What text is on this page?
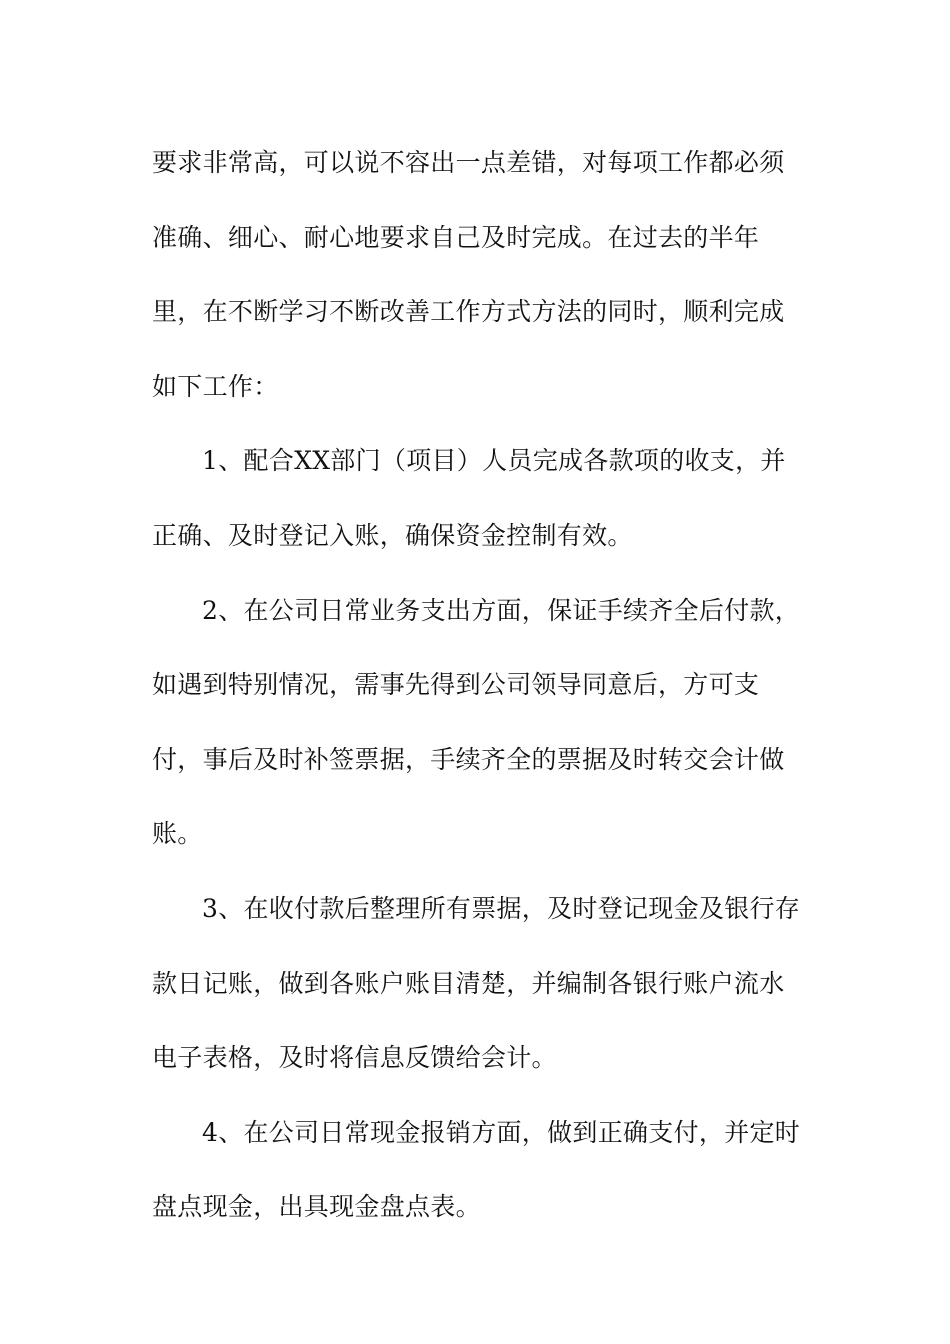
要求非常高，可以说不容出一点差错，对每项工作都必须
准确、细心、耐心地要求自己及时完成。在过去的半年
里，在不断学习不断改善工作方式方法的同时，顺利完成
如下工作：
1、配合XX部门（项目）人员完成各款项的收支，并
正确、及时登记入账，确保资金控制有效。
2、在公司日常业务支出方面，保证手续齐全后付款，
如遇到特别情况，需事先得到公司领导同意后，方可支
付，事后及时补签票据，手续齐全的票据及时转交会计做
账。
3、在收付款后整理所有票据，及时登记现金及银行存
款日记账，做到各账户账目清楚，并编制各银行账户流水
电子表格，及时将信息反馈给会计。
4、在公司日常现金报销方面，做到正确支付，并定时
盘点现金，出具现金盘点表。
